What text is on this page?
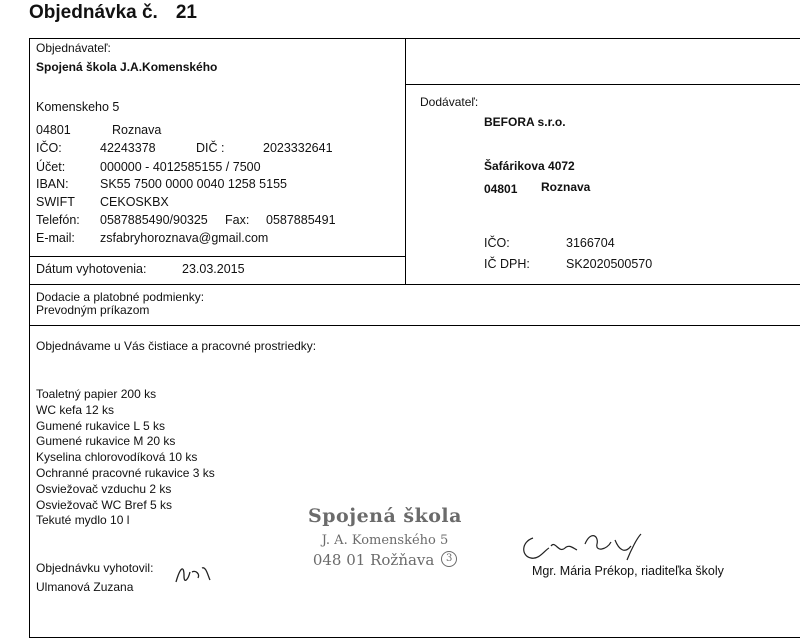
Objednávka č. 21
Objednávateľ:
Spojená škola J.A.Komenského
Komenskeho 5
04801	Roznava
IČO:	42243378	DIČ :	2023332641
Účet:	000000 - 4012585155 / 7500
IBAN:	SK55 7500 0000 0040 1258 5155
SWIFT CEKOSKBX
Telefón: 0587885490/90325 Fax: 0587885491
E-mail: zsfabryhoroznava@gmail.com
Dátum vyhotovenia:	23.03.2015
Dodávateľ:
BEFORA s.r.o.
Šafárikova 4072
04801 Roznava
IČO:	3166704
IČ DPH:	SK2020500570
Dodacie a platobné podmienky:
Prevodným príkazom
Objednávame u Vás čistiace a pracovné prostriedky:
Toaletný papier 200 ks
WC kefa 12 ks
Gumené rukavice L 5 ks
Gumené rukavice M 20 ks
Kyselina chlorovodíková 10 ks
Ochranné pracovné rukavice 3 ks
Osviežovač vzduchu 2 ks
Osviežovač WC Bref 5 ks
Tekuté mydlo 10 l
Objednávku vyhotovil:
Ulmanová Zuzana
Spojená škola
J. A. Komenského 5
048 01 Rožňava 3
Mgr. Mária Prékop, riaditeľka školy
